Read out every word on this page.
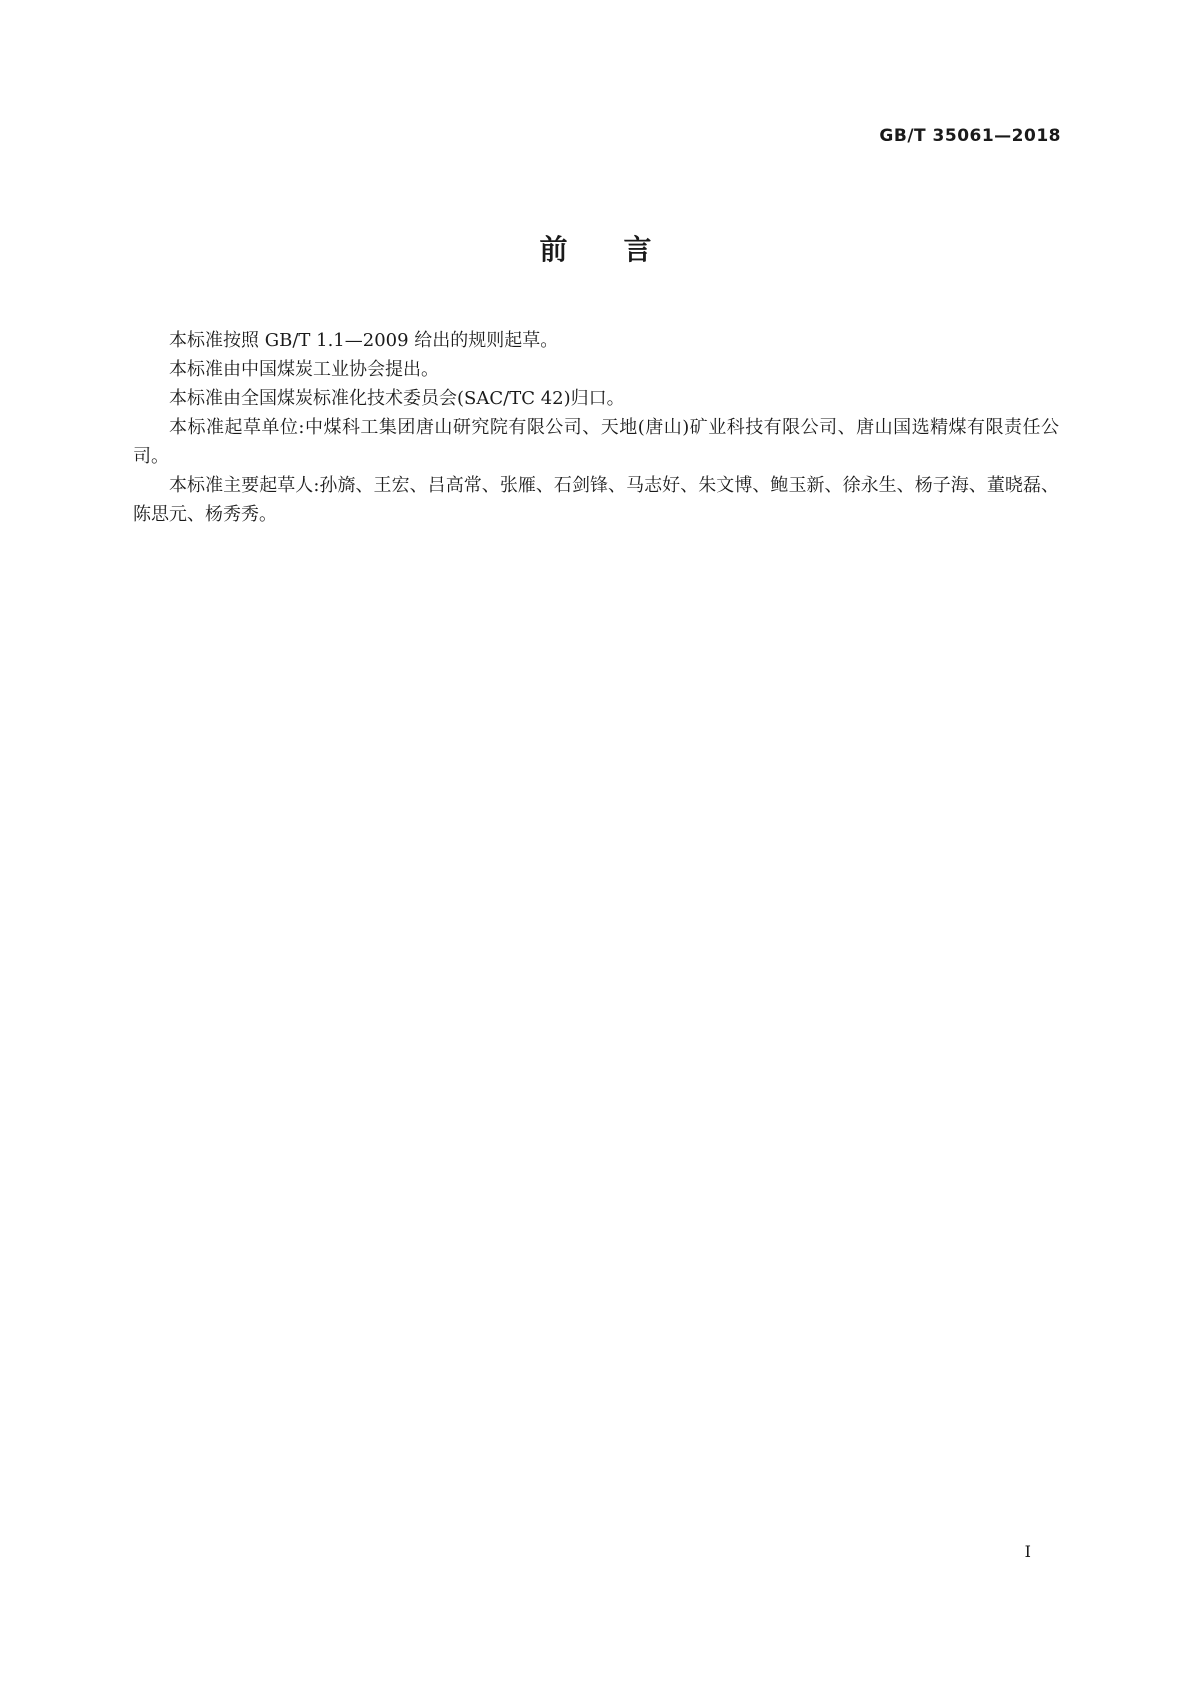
GB/T 35061—2018
前言

本标准按照 GB/T 1.1—2009 给出的规则起草。

本标准由中国煤炭工业协会提出。

本标准由全国煤炭标准化技术委员会(SAC/TC 42)归口。

本标准起草单位:中煤科工集团唐山研究院有限公司、天地(唐山)矿业科技有限公司、唐山国选精煤有限责任公司。

本标准主要起草人:孙旖、王宏、吕高常、张雁、石剑锋、马志好、朱文博、鲍玉新、徐永生、杨子海、董晓磊、陈思元、杨秀秀。

I
